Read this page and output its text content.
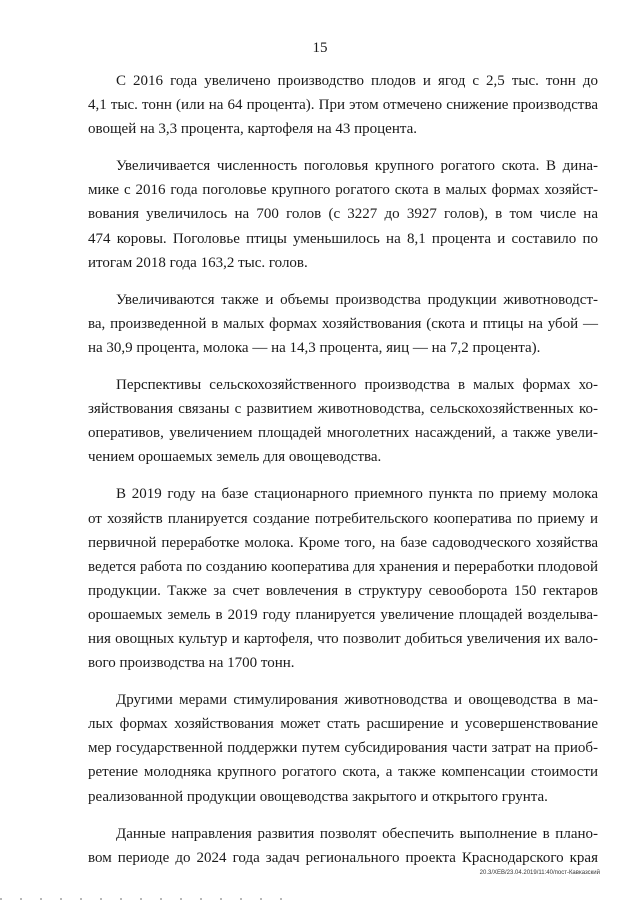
15

С 2016 года увеличено производство плодов и ягод с 2,5 тыс. тонн до
4,1 тыс. тонн (или на 64 процента). При этом отмечено снижение производства
овощей на 3,3 процента, картофеля на 43 процента.

Увеличивается численность поголовья крупного рогатого скота. В дина-
мике с 2016 года поголовье крупного рогатого скота в малых формах хозяйст-
вования увеличилось на 700 голов (с 3227 до 3927 голов), в том числе на
474 коровы. Поголовье птицы уменьшилось на 8,1 процента и составило по
итогам 2018 года 163,2 тыс. голов.

Увеличиваются также и объемы производства продукции животноводст-
ва, произведенной в малых формах хозяйствования (скота и птицы на убой —
на 30,9 процента, молока — на 14,3 процента, яиц — на 7,2 процента).

Перспективы сельскохозяйственного производства в малых формах хо-
зяйствования связаны с развитием животноводства, сельскохозяйственных ко-
оперативов, увеличением площадей многолетних насаждений, а также увели-
чением орошаемых земель для овощеводства.

В 2019 году на базе стационарного приемного пункта по приему молока
от хозяйств планируется создание потребительского кооператива по приему и
первичной переработке молока. Кроме того, на базе садоводческого хозяйства
ведется работа по созданию кооператива для хранения и переработки плодовой
продукции. Также за счет вовлечения в структуру севооборота 150 гектаров
орошаемых земель в 2019 году планируется увеличение площадей возделыва-
ния овощных культур и картофеля, что позволит добиться увеличения их вало-
вого производства на 1700 тонн.

Другими мерами стимулирования животноводства и овощеводства в ма-
лых формах хозяйствования может стать расширение и усовершенствование
мер государственной поддержки путем субсидирования части затрат на приоб-
ретение молодняка крупного рогатого скота, а также компенсации стоимости
реализованной продукции овощеводства закрытого и открытого грунта.

Данные направления развития позволят обеспечить выполнение в плано-
вом периоде до 2024 года задач регионального проекта Краснодарского края

20.3/ХЕВ/23.04.2019/11:40/пост-Кавказский
